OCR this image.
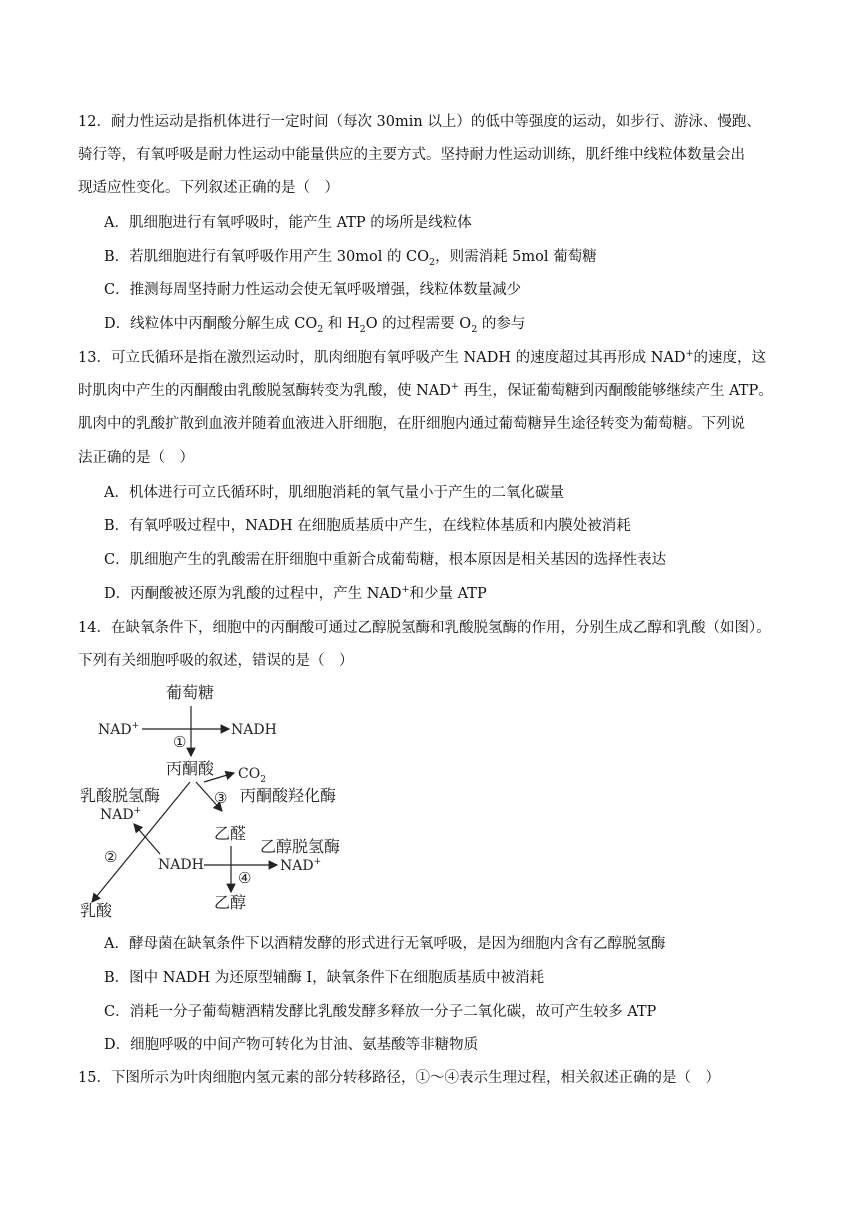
12．耐力性运动是指机体进行一定时间（每次 30min 以上）的低中等强度的运动，如步行、游泳、慢跑、
骑行等，有氧呼吸是耐力性运动中能量供应的主要方式。坚持耐力性运动训练，肌纤维中线粒体数量会出
现适应性变化。下列叙述正确的是（　）
A．肌细胞进行有氧呼吸时，能产生 ATP 的场所是线粒体
B．若肌细胞进行有氧呼吸作用产生 30mol 的 $CO_2$，则需消耗 5mol 葡萄糖
C．推测每周坚持耐力性运动会使无氧呼吸增强，线粒体数量减少
D．线粒体中丙酮酸分解生成 $CO_2$ 和 $H_2O$ 的过程需要 $O_2$ 的参与
13．可立氏循环是指在激烈运动时，肌肉细胞有氧呼吸产生 NADH 的速度超过其再形成 NAD+的速度，这
时肌肉中产生的丙酮酸由乳酸脱氢酶转变为乳酸，使 NAD+ 再生，保证葡萄糖到丙酮酸能够继续产生 ATP。
肌肉中的乳酸扩散到血液并随着血液进入肝细胞，在肝细胞内通过葡萄糖异生途径转变为葡萄糖。下列说
法正确的是（　）
A．机体进行可立氏循环时，肌细胞消耗的氧气量小于产生的二氧化碳量
B．有氧呼吸过程中，NADH 在细胞质基质中产生，在线粒体基质和内膜处被消耗
C．肌细胞产生的乳酸需在肝细胞中重新合成葡萄糖，根本原因是相关基因的选择性表达
D．丙酮酸被还原为乳酸的过程中，产生 NAD+和少量 ATP
14．在缺氧条件下，细胞中的丙酮酸可通过乙醇脱氢酶和乳酸脱氢酶的作用，分别生成乙醇和乳酸（如图）。
下列有关细胞呼吸的叙述，错误的是（　）
葡萄糖
NAD+	NADH
①
丙酮酸 $CO_2$
③ 丙酮酸羟化酶
乳酸脱氢酶
NAD+
②	NADH
乙醛
乙醇脱氢酶
NAD+
④
乙醇
乳酸
A．酵母菌在缺氧条件下以酒精发酵的形式进行无氧呼吸，是因为细胞内含有乙醇脱氢酶
B．图中 NADH 为还原型辅酶 I，缺氧条件下在细胞质基质中被消耗
C．消耗一分子葡萄糖酒精发酵比乳酸发酵多释放一分子二氧化碳，故可产生较多 ATP
D．细胞呼吸的中间产物可转化为甘油、氨基酸等非糖物质
15．下图所示为叶肉细胞内氢元素的部分转移路径，①～④表示生理过程，相关叙述正确的是（　）
